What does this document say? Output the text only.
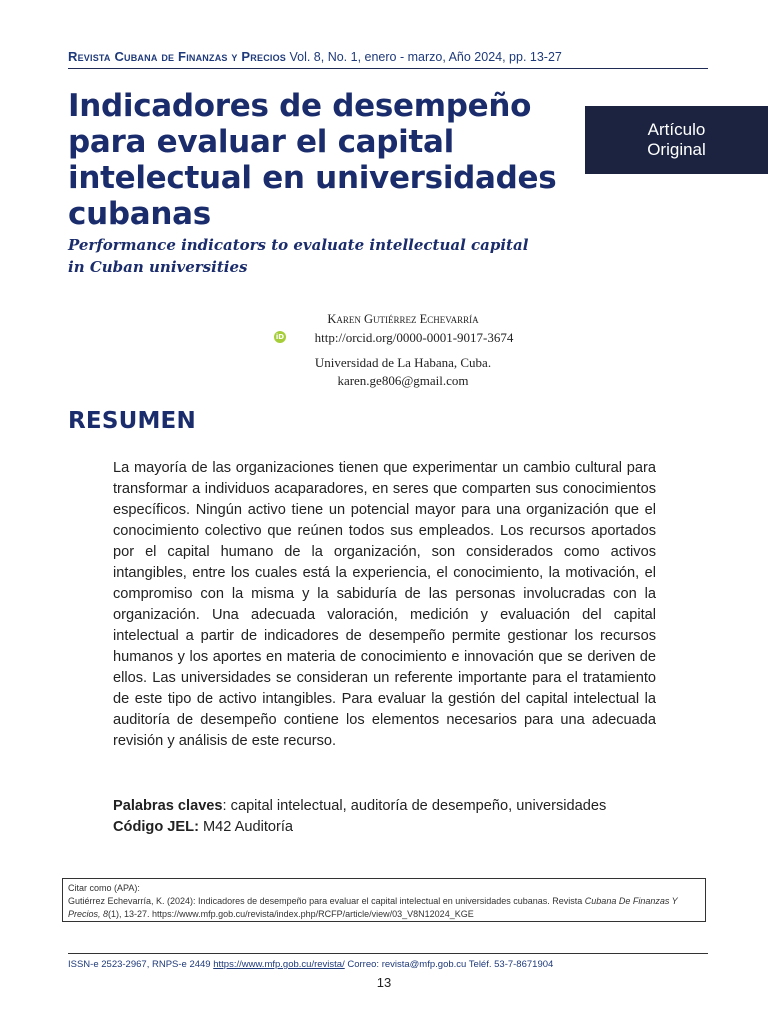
Revista Cubana de Finanzas y Precios Vol. 8, No. 1, enero - marzo, Año 2024, pp. 13-27
Indicadores de desempeño para evaluar el capital intelectual en universidades cubanas
Performance indicators to evaluate intellectual capital in Cuban universities
Artículo
Original
Karen Gutiérrez Echevarría
iD http://orcid.org/0000-0001-9017-3674
Universidad de La Habana, Cuba.
karen.ge806@gmail.com
RESUMEN
La mayoría de las organizaciones tienen que experimentar un cambio cultural para transformar a individuos acaparadores, en seres que comparten sus conocimientos específicos. Ningún activo tiene un potencial mayor para una organización que el conocimiento colectivo que reúnen todos sus empleados. Los recursos aportados por el capital humano de la organización, son considerados como activos intangibles, entre los cuales está la experiencia, el conocimiento, la motivación, el compromiso con la misma y la sabiduría de las personas involucradas con la organización. Una adecuada valoración, medición y evaluación del capital intelectual a partir de indicadores de desempeño permite gestionar los recursos humanos y los aportes en materia de conocimiento e innovación que se deriven de ellos. Las universidades se consideran un referente importante para el tratamiento de este tipo de activo intangibles. Para evaluar la gestión del capital intelectual la auditoría de desempeño contiene los elementos necesarios para una adecuada revisión y análisis de este recurso.
Palabras claves: capital intelectual, auditoría de desempeño, universidades
Código JEL: M42 Auditoría
Citar como (APA):
Gutiérrez Echevarría, K. (2024): Indicadores de desempeño para evaluar el capital intelectual en universidades cubanas. Revista Cubana De Finanzas Y Precios, 8(1), 13-27. https://www.mfp.gob.cu/revista/index.php/RCFP/article/view/03_V8N12024_KGE
ISSN-e 2523-2967, RNPS-e 2449 https://www.mfp.gob.cu/revista/ Correo: revista@mfp.gob.cu Teléf. 53-7-8671904
13
